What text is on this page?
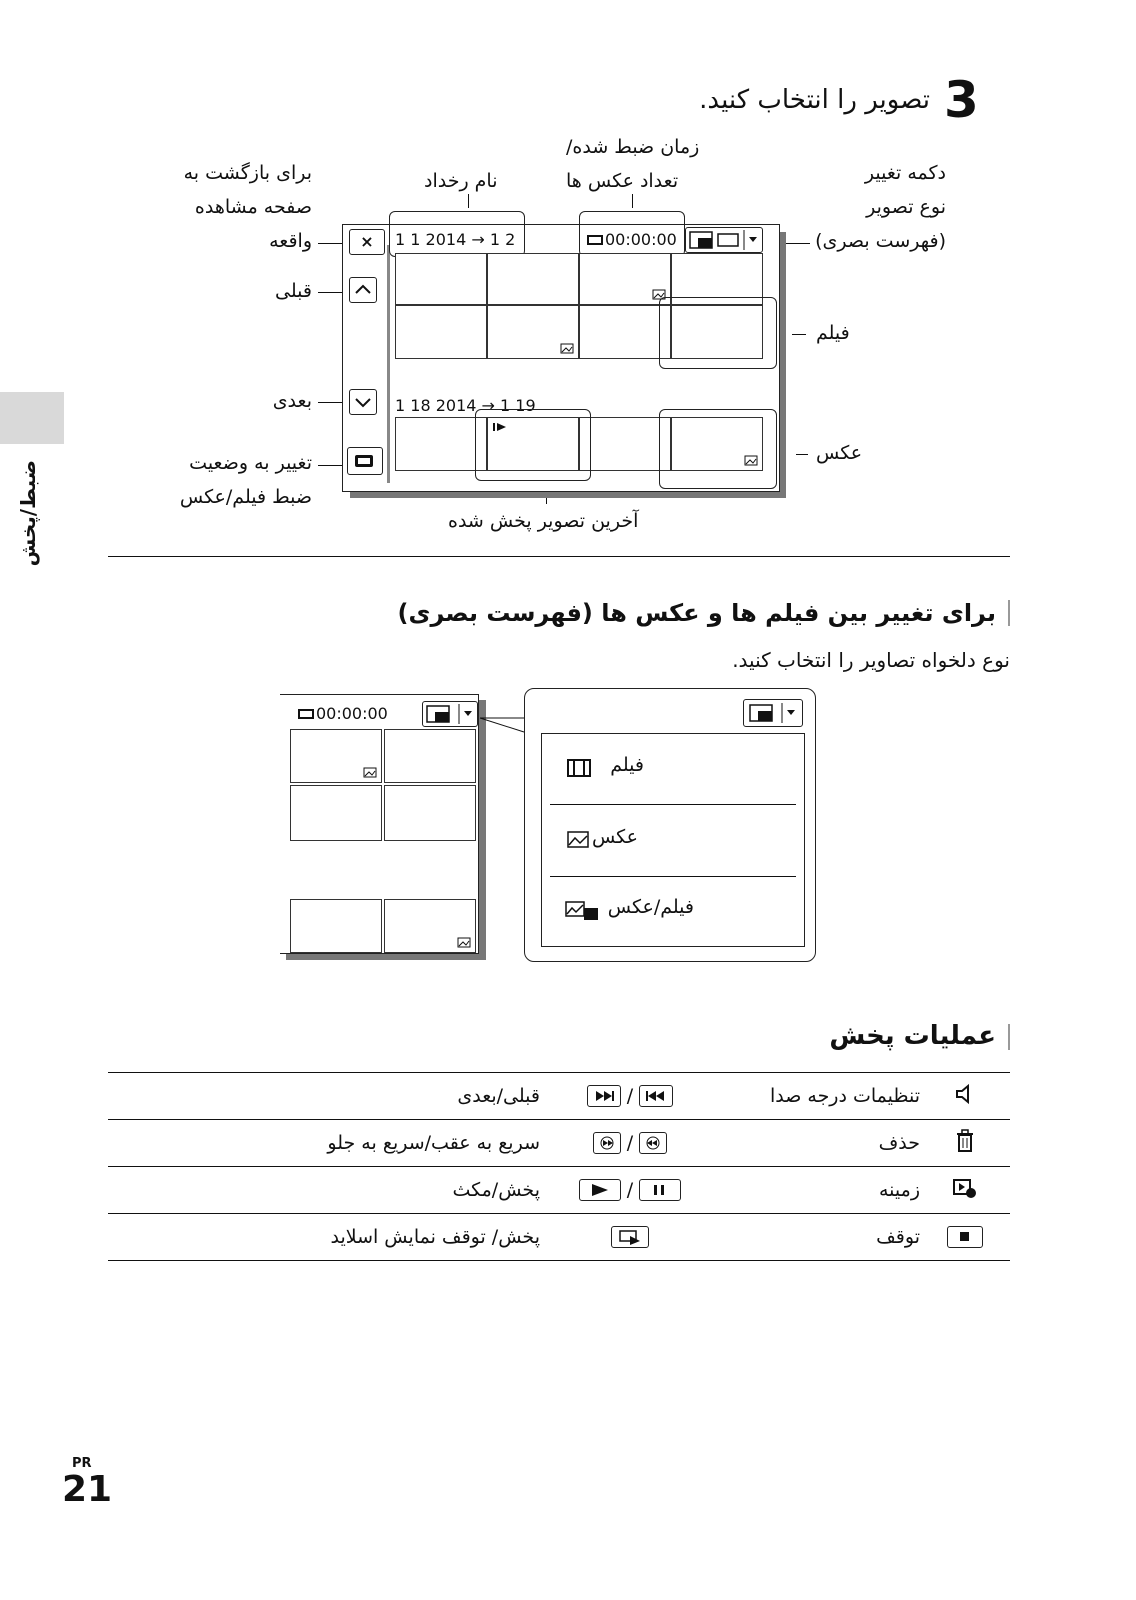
3
تصویر را انتخاب کنید.
ضبط/پخش
زمان ضبط شده/
تعداد عکس ها
نام رخداد
برای بازگشت به
صفحه مشاهده
واقعه
دکمه تغییر
نوع تصویر
(فهرست بصری)
قبلی
بعدی
فیلم
عکس
تغییر به وضعیت
ضبط فیلم/عکس
آخرین تصویر پخش شده
×	1 1 2014 → 1 2	00:00:00
1 18 2014 → 1 19
برای تغییر بین فیلم ها و عکس ها (فهرست بصری)
نوع دلخواه تصاویر را انتخاب کنید.
00:00:00
فیلم
عکس
فیلم/عکس
عملیات پخش
	تنظیمات درجه صدا	/	قبلی/بعدی
	حذف	/	سریع به عقب/سریع به جلو
	زمینه	/	پخش/مکث
	توقف		پخش/ توقف نمایش اسلاید
PR
21
